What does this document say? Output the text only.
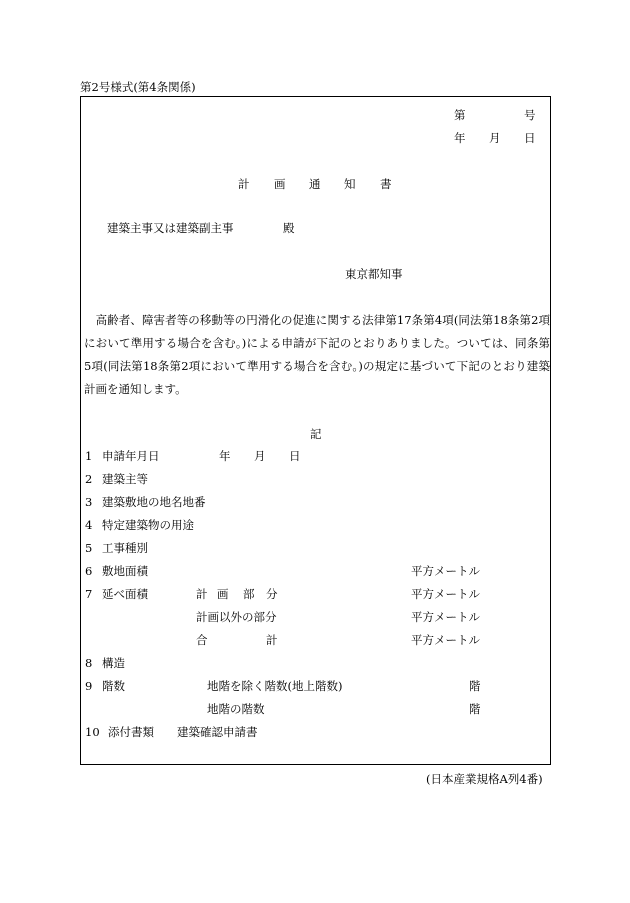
第2号様式(第4条関係)
第	号
年 月 日
計 画 通 知 書
建築主事又は建築副主事	殿
東京都知事
　高齢者、障害者等の移動等の円滑化の促進に関する法律第17条第4項(同法第18条第2項において準用する場合を含む。)による申請が下記のとおりありました。ついては、同条第5項(同法第18条第2項において準用する場合を含む。)の規定に基づいて下記のとおり建築計画を通知します。
記
1 申請年月日	年 月 日
2 建築主等
3 建築敷地の地名地番
4 特定建築物の用途
5 工事種別
6 敷地面積	平方メートル
7 延べ面積	計 画 部 分	平方メートル
計画以外の部分	平方メートル
合	計	平方メートル
8 構造
9 階数	地階を除く階数(地上階数)	階
地階の階数	階
10 添付書類 建築確認申請書
(日本産業規格A列4番)
